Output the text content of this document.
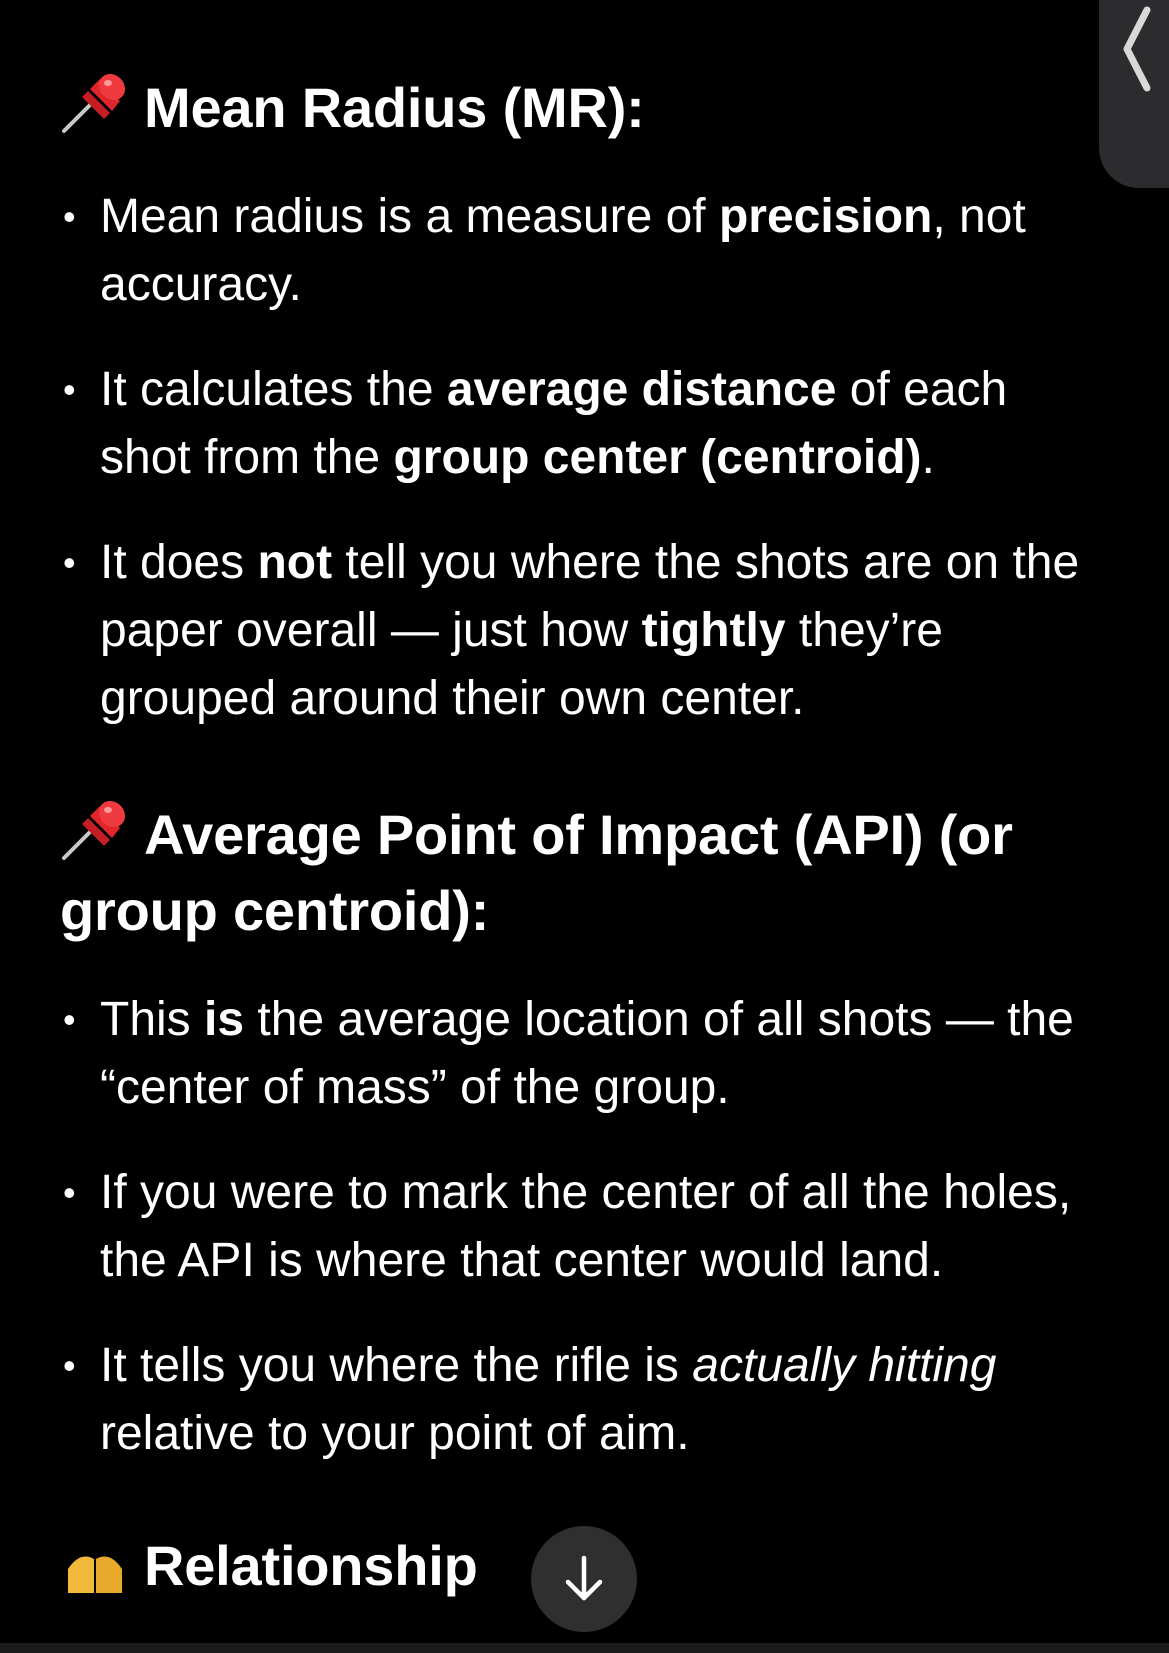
Mean Radius (MR):
• Mean radius is a measure of precision, not accuracy.
• It calculates the average distance of each shot from the group center (centroid).
• It does not tell you where the shots are on the paper overall — just how tightly they’re grouped around their own center.
Average Point of Impact (API) (or group centroid):
• This is the average location of all shots — the “center of mass” of the group.
• If you were to mark the center of all the holes, the API is where that center would land.
• It tells you where the rifle is actually hitting relative to your point of aim.
Relationship
